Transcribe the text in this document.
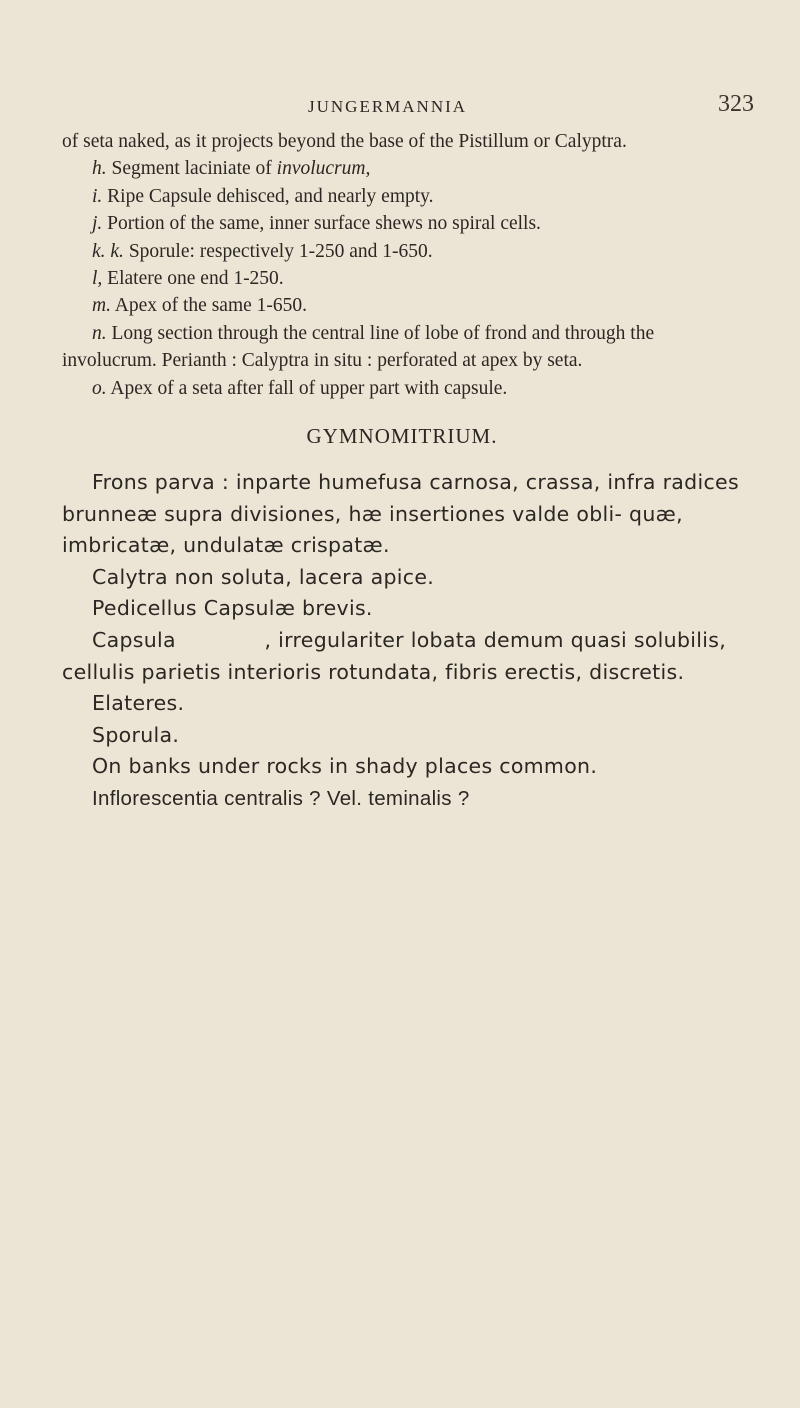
JUNGERMANNIA	323

of seta naked, as it projects beyond the base of the Pistillum or Calyptra.

h. Segment laciniate of involucrum,

i. Ripe Capsule dehisced, and nearly empty.

j. Portion of the same, inner surface shews no spiral cells.

k. k. Sporule: respectively 1-250 and 1-650.

l, Elatere one end 1-250.

m. Apex of the same 1-650.

n. Long section through the central line of lobe of frond and through the involucrum. Perianth : Calyptra in situ : perforated at apex by seta.

o. Apex of a seta after fall of upper part with capsule.

GYMNOMITRIUM.

Frons parva : inparte humefusa carnosa, crassa, infra radices brunneæ supra divisiones, hæ insertiones valde obli- quæ, imbricatæ, undulatæ crispatæ.

Calytra non soluta, lacera apice.

Pedicellus Capsulæ brevis.

Capsula             , irregulariter lobata demum quasi solubilis, cellulis parietis interioris rotundata, fibris erectis, discretis.

Elateres.

Sporula.

On banks under rocks in shady places common.

Inflorescentia centralis ? Vel. teminalis ?
